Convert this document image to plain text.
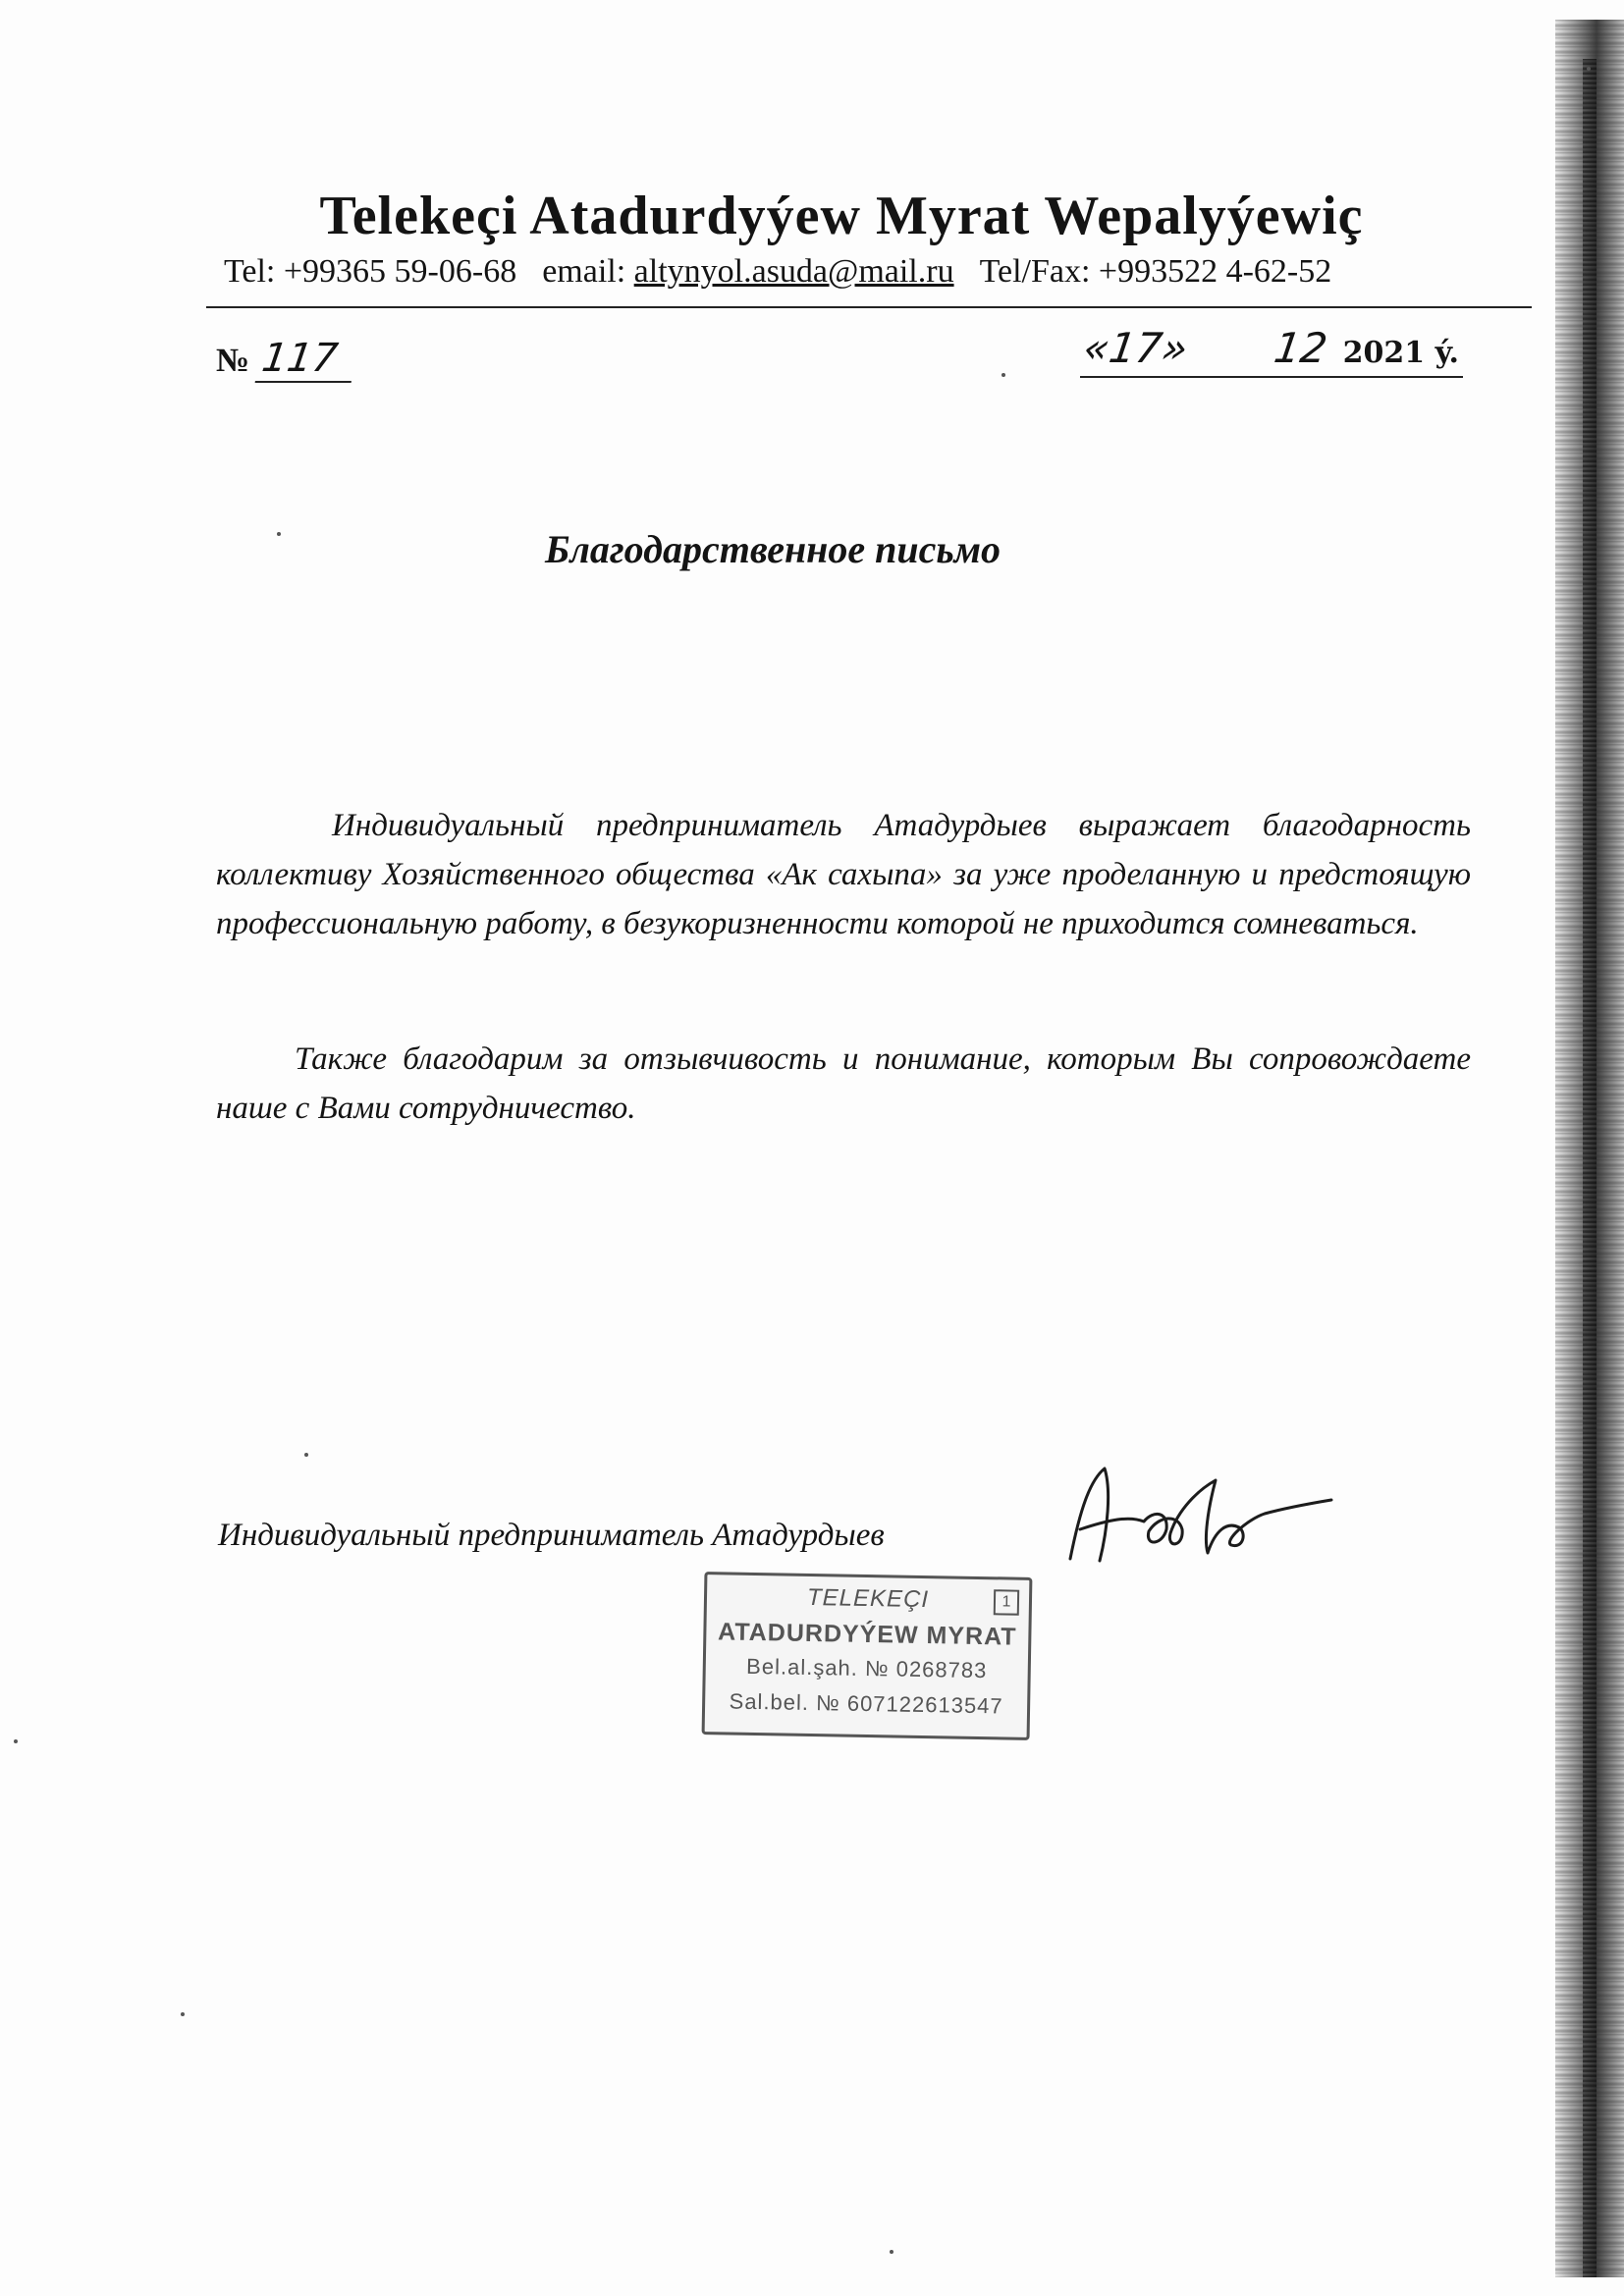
Telekeçi Atadurdyýew Myrat Wepalyýewiç
Tel: +99365 59-06-68 email: altynyol.asuda@mail.ru Tel/Fax: +993522 4-62-52
№ 117	«17» 12 2021 ý.
Благодарственное письмо

Индивидуальный предприниматель Атадурдыев выражает благодарность коллективу Хозяйственного общества «Ак сахыпа» за уже проделанную и предстоящую профессиональную работу, в безукоризненности которой не приходится сомневаться.

Также благодарим за отзывчивость и понимание, которым Вы сопровождаете наше с Вами сотрудничество.

Индивидуальный предприниматель Атадурдыев
1
TELEKEÇI
ATADURDYÝEW MYRAT
Bel.al.şah. № 0268783
Sal.bel. № 607122613547
